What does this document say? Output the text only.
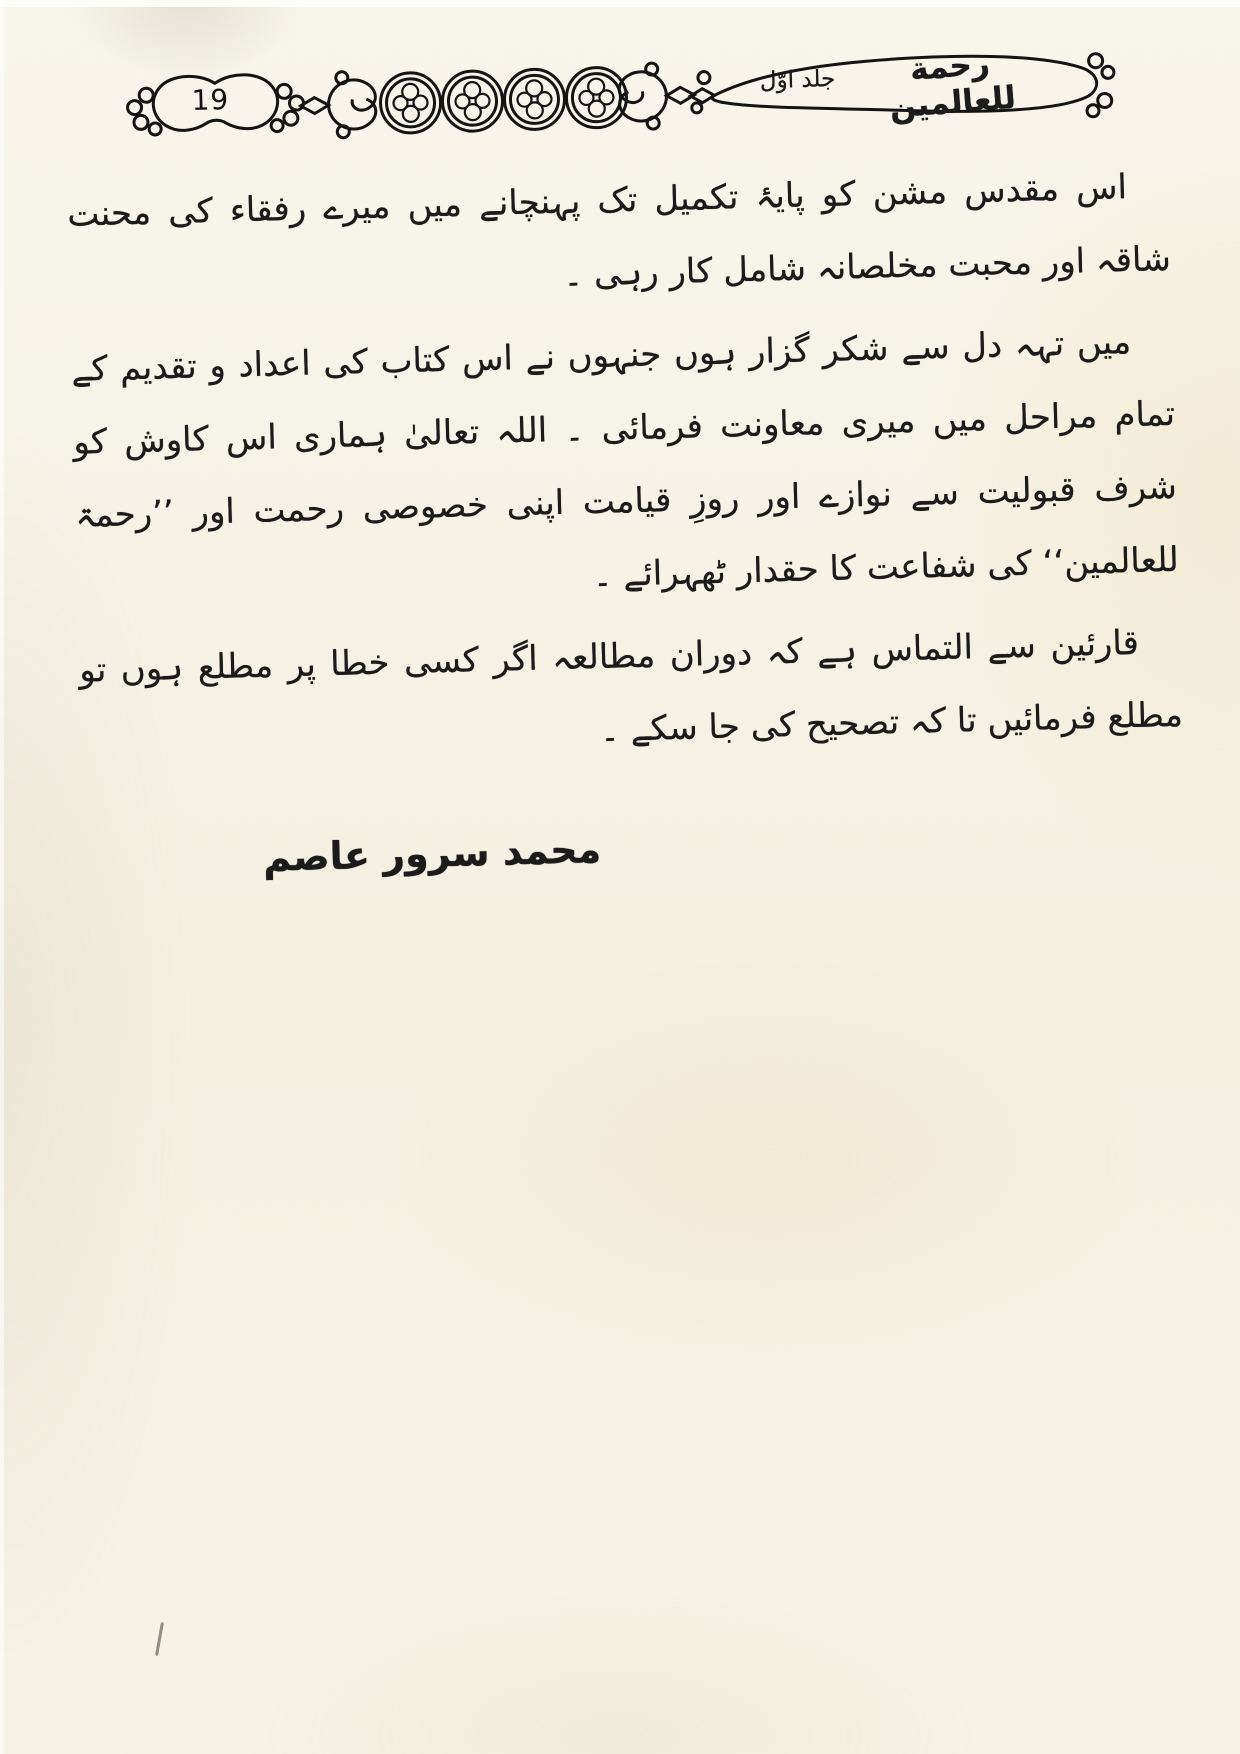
19
رحمة للعالمين
جلد اوّل

اس مقدس مشن کو پایۂ تکمیل تک پہنچانے میں میرے رفقاء کی محنت شاقہ اور محبت مخلصانہ شامل کار رہی ۔

میں تہہ دل سے شکر گزار ہوں جنہوں نے اس کتاب کی اعداد و تقدیم کے تمام مراحل میں میری معاونت فرمائی ۔ اللہ تعالیٰ ہماری اس کاوش کو شرف قبولیت سے نوازے اور روزِ قیامت اپنی خصوصی رحمت اور ’’رحمۃ للعالمین‘‘ کی شفاعت کا حقدار ٹھہرائے ۔

قارئین سے التماس ہے کہ دوران مطالعہ اگر کسی خطا پر مطلع ہوں تو مطلع فرمائیں تا کہ تصحیح کی جا سکے ۔

محمد سرور عاصم
